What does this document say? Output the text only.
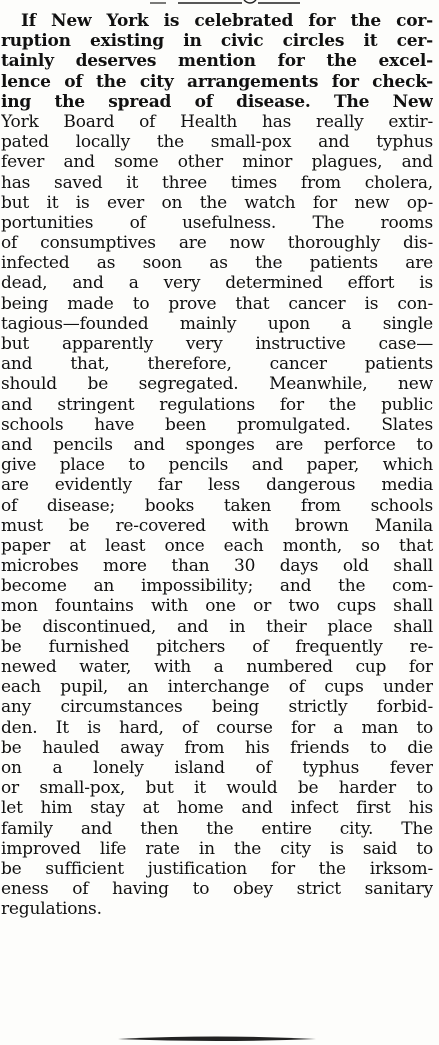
If New York is celebrated for the cor-
ruption existing in civic circles it cer-
tainly deserves mention for the excel-
lence of the city arrangements for check-
ing the spread of disease. The New
York Board of Health has really extir-
pated locally the small-pox and typhus
fever and some other minor plagues, and
has saved it three times from cholera,
but it is ever on the watch for new op-
portunities of usefulness. The rooms
of consumptives are now thoroughly dis-
infected as soon as the patients are
dead, and a very determined effort is
being made to prove that cancer is con-
tagious—founded mainly upon a single
but apparently very instructive case—
and that, therefore, cancer patients
should be segregated. Meanwhile, new
and stringent regulations for the public
schools have been promulgated. Slates
and pencils and sponges are perforce to
give place to pencils and paper, which
are evidently far less dangerous media
of disease; books taken from schools
must be re-covered with brown Manila
paper at least once each month, so that
microbes more than 30 days old shall
become an impossibility; and the com-
mon fountains with one or two cups shall
be discontinued, and in their place shall
be furnished pitchers of frequently re-
newed water, with a numbered cup for
each pupil, an interchange of cups under
any circumstances being strictly forbid-
den. It is hard, of course for a man to
be hauled away from his friends to die
on a lonely island of typhus fever
or small-pox, but it would be harder to
let him stay at home and infect first his
family and then the entire city. The
improved life rate in the city is said to
be sufficient justification for the irksom-
eness of having to obey strict sanitary
regulations.
